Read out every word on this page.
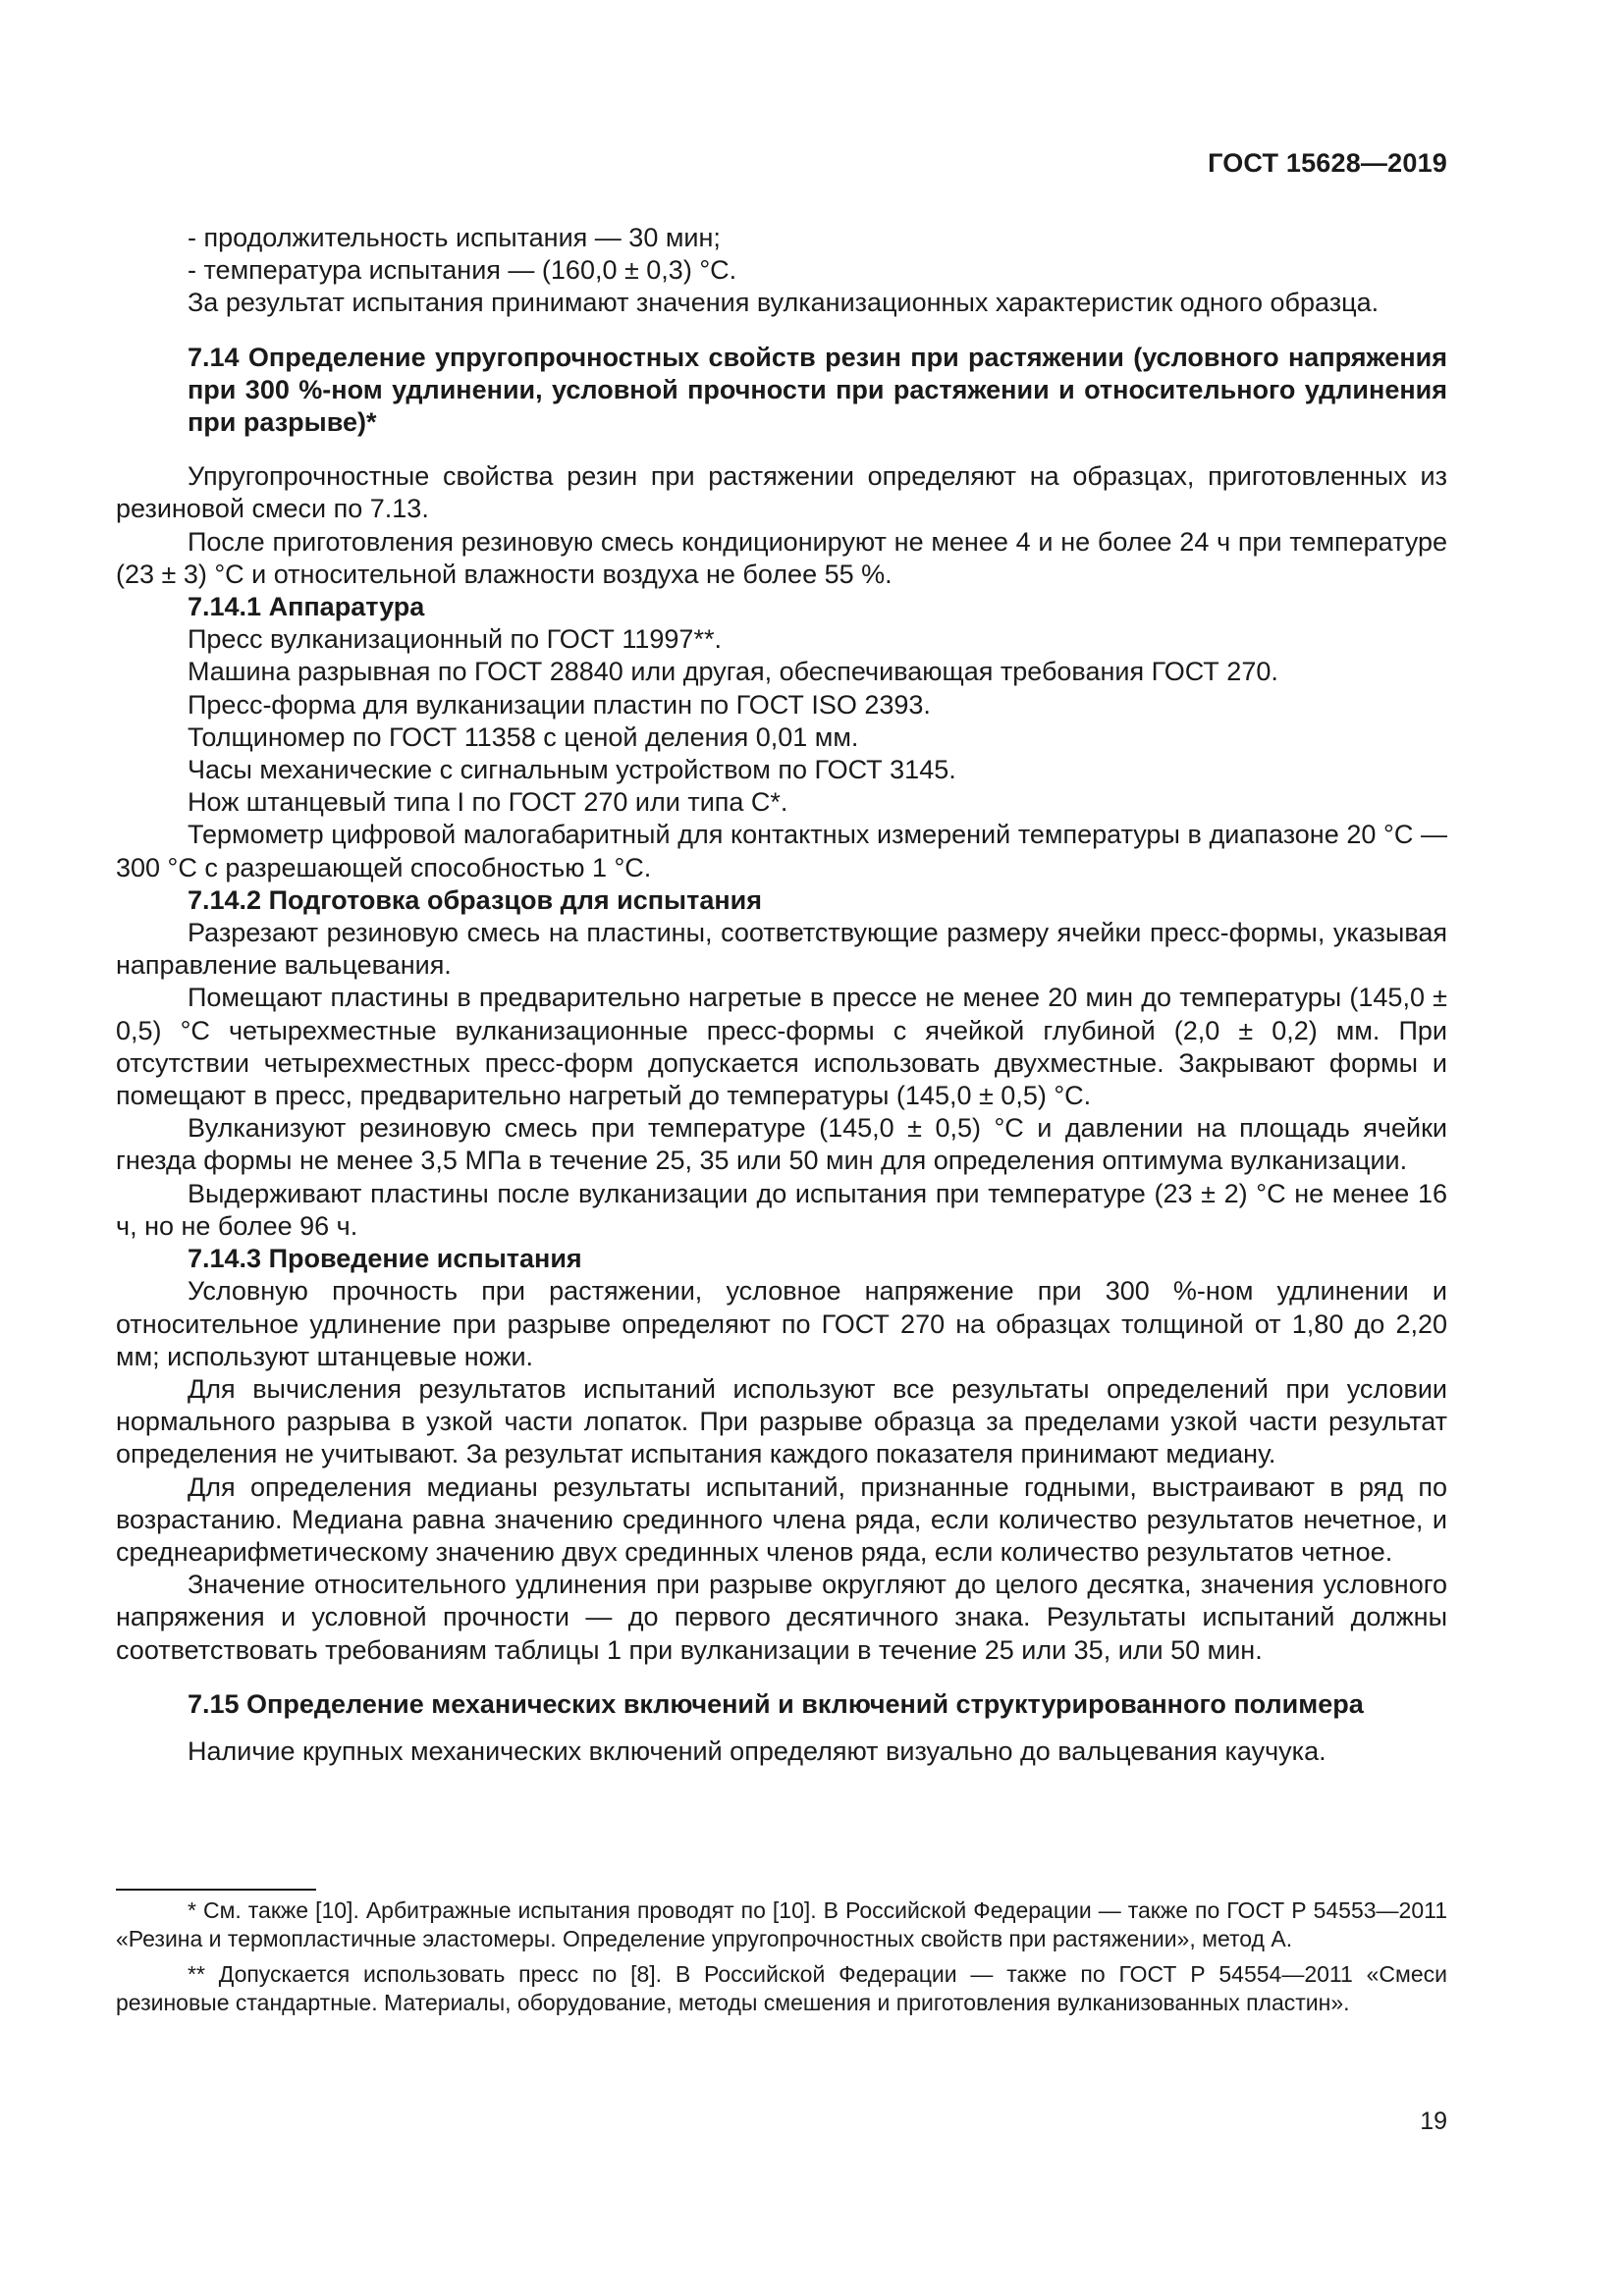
ГОСТ 15628—2019

- продолжительность испытания — 30 мин;

- температура испытания — (160,0 ± 0,3) °С.

За результат испытания принимают значения вулканизационных характеристик одного образца.

7.14 Определение упругопрочностных свойств резин при растяжении (условного напряжения при 300 %-ном удлинении, условной прочности при растяжении и относительного удлинения при разрыве)*

Упругопрочностные свойства резин при растяжении определяют на образцах, приготовленных из резиновой смеси по 7.13.

После приготовления резиновую смесь кондиционируют не менее 4 и не более 24 ч при температуре (23 ± 3) °С и относительной влажности воздуха не более 55 %.

7.14.1 Аппаратура

Пресс вулканизационный по ГОСТ 11997**.

Машина разрывная по ГОСТ 28840 или другая, обеспечивающая требования ГОСТ 270.

Пресс-форма для вулканизации пластин по ГОСТ ISO 2393.

Толщиномер по ГОСТ 11358 с ценой деления 0,01 мм.

Часы механические с сигнальным устройством по ГОСТ 3145.

Нож штанцевый типа I по ГОСТ 270 или типа С*.

Термометр цифровой малогабаритный для контактных измерений температуры в диапазоне 20 °С — 300 °С с разрешающей способностью 1 °С.

7.14.2 Подготовка образцов для испытания

Разрезают резиновую смесь на пластины, соответствующие размеру ячейки пресс-формы, указывая направление вальцевания.

Помещают пластины в предварительно нагретые в прессе не менее 20 мин до температуры (145,0 ± 0,5) °С четырехместные вулканизационные пресс-формы с ячейкой глубиной (2,0 ± 0,2) мм. При отсутствии четырехместных пресс-форм допускается использовать двухместные. Закрывают формы и помещают в пресс, предварительно нагретый до температуры (145,0 ± 0,5) °С.

Вулканизуют резиновую смесь при температуре (145,0 ± 0,5) °С и давлении на площадь ячейки гнезда формы не менее 3,5 МПа в течение 25, 35 или 50 мин для определения оптимума вулканизации.

Выдерживают пластины после вулканизации до испытания при температуре (23 ± 2) °С не менее 16 ч, но не более 96 ч.

7.14.3 Проведение испытания

Условную прочность при растяжении, условное напряжение при 300 %-ном удлинении и относительное удлинение при разрыве определяют по ГОСТ 270 на образцах толщиной от 1,80 до 2,20 мм; используют штанцевые ножи.

Для вычисления результатов испытаний используют все результаты определений при условии нормального разрыва в узкой части лопаток. При разрыве образца за пределами узкой части результат определения не учитывают. За результат испытания каждого показателя принимают медиану.

Для определения медианы результаты испытаний, признанные годными, выстраивают в ряд по возрастанию. Медиана равна значению срединного члена ряда, если количество результатов нечетное, и среднеарифметическому значению двух срединных членов ряда, если количество результатов четное.

Значение относительного удлинения при разрыве округляют до целого десятка, значения условного напряжения и условной прочности — до первого десятичного знака. Результаты испытаний должны соответствовать требованиям таблицы 1 при вулканизации в течение 25 или 35, или 50 мин.

7.15 Определение механических включений и включений структурированного полимера

Наличие крупных механических включений определяют визуально до вальцевания каучука.

* См. также [10]. Арбитражные испытания проводят по [10]. В Российской Федерации — также по ГОСТ Р 54553—2011 «Резина и термопластичные эластомеры. Определение упругопрочностных свойств при растяжении», метод А.

** Допускается использовать пресс по [8]. В Российской Федерации — также по ГОСТ Р 54554—2011 «Смеси резиновые стандартные. Материалы, оборудование, методы смешения и приготовления вулканизованных пластин».

19
